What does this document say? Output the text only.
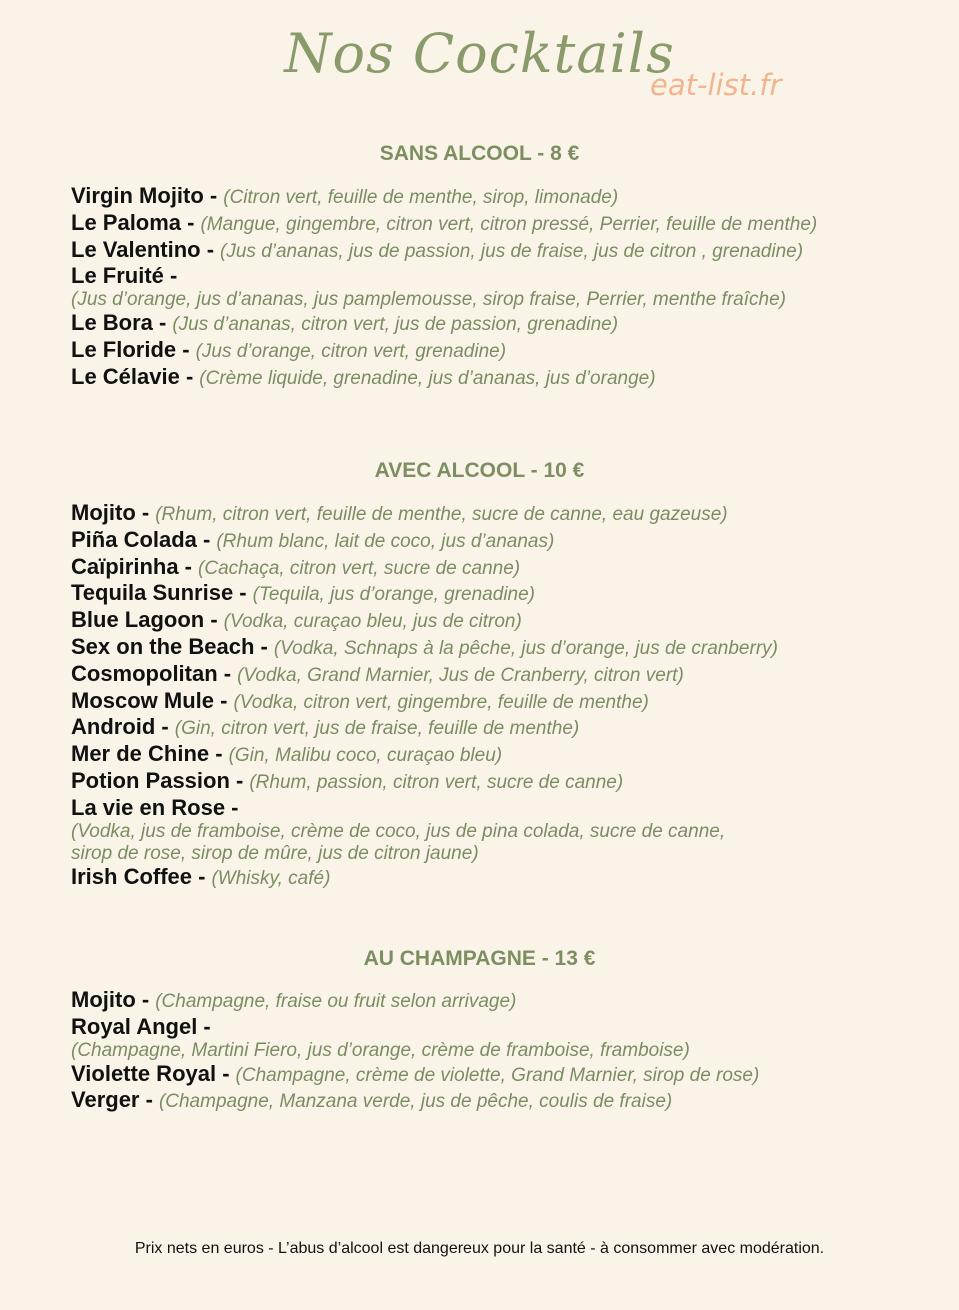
Nos Cocktails
eat-list.fr
SANS ALCOOL - 8 €
Virgin Mojito - (Citron vert, feuille de menthe, sirop, limonade)
Le Paloma - (Mangue, gingembre, citron vert, citron pressé, Perrier, feuille de menthe)
Le Valentino - (Jus d’ananas, jus de passion, jus de fraise, jus de citron , grenadine)
Le Fruité -
(Jus d’orange, jus d’ananas, jus pamplemousse, sirop fraise, Perrier, menthe fraîche)
Le Bora - (Jus d’ananas, citron vert, jus de passion, grenadine)
Le Floride - (Jus d’orange, citron vert, grenadine)
Le Célavie - (Crème liquide, grenadine, jus d’ananas, jus d’orange)
AVEC ALCOOL - 10 €
Mojito - (Rhum, citron vert, feuille de menthe, sucre de canne, eau gazeuse)
Piña Colada - (Rhum blanc, lait de coco, jus d’ananas)
Caïpirinha - (Cachaça, citron vert, sucre de canne)
Tequila Sunrise - (Tequila, jus d’orange, grenadine)
Blue Lagoon - (Vodka, curaçao bleu, jus de citron)
Sex on the Beach - (Vodka, Schnaps à la pêche, jus d’orange, jus de cranberry)
Cosmopolitan - (Vodka, Grand Marnier, Jus de Cranberry, citron vert)
Moscow Mule - (Vodka, citron vert, gingembre, feuille de menthe)
Android - (Gin, citron vert, jus de fraise, feuille de menthe)
Mer de Chine - (Gin, Malibu coco, curaçao bleu)
Potion Passion - (Rhum, passion, citron vert, sucre de canne)
La vie en Rose -
(Vodka, jus de framboise, crème de coco, jus de pina colada, sucre de canne,
sirop de rose, sirop de mûre, jus de citron jaune)
Irish Coffee - (Whisky, café)
AU CHAMPAGNE - 13 €
Mojito - (Champagne, fraise ou fruit selon arrivage)
Royal Angel -
(Champagne, Martini Fiero, jus d’orange, crème de framboise, framboise)
Violette Royal - (Champagne, crème de violette, Grand Marnier, sirop de rose)
Verger - (Champagne, Manzana verde, jus de pêche, coulis de fraise)
Prix nets en euros - L’abus d’alcool est dangereux pour la santé - à consommer avec modération.
